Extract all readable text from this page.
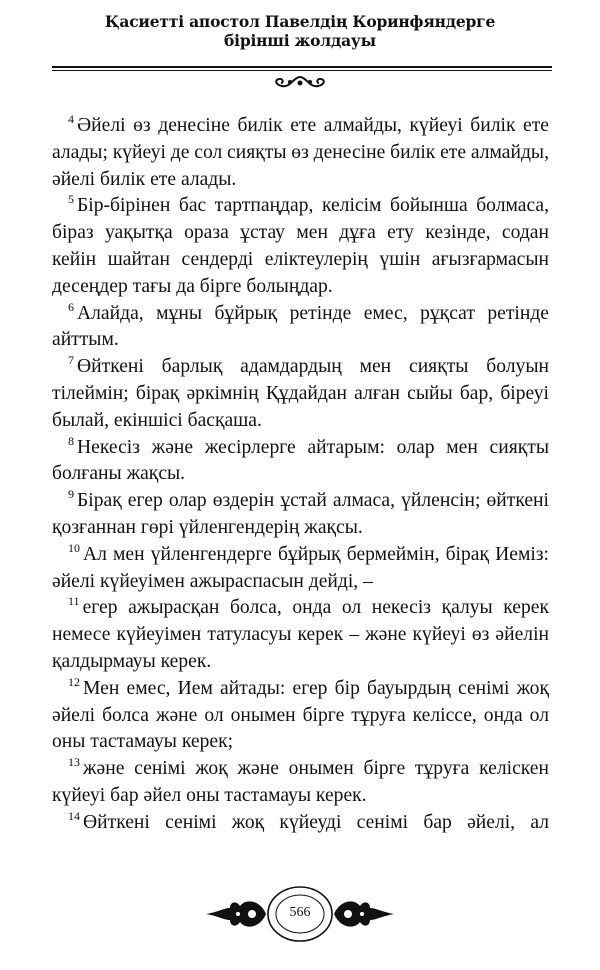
Қасиетті апостол Павелдің Коринфяндерге
бірінші жолдауы
$^4$ Әйелі өз денесіне билік ете алмайды, күйеуі билік ете
алады; күйеуі де сол сияқты өз денесіне билік ете алмайды,
әйелі билік ете алады.
$^5$ Бір-бірінен бас тартпаңдар, келісім бойынша болмаса,
біраз уақытқа ораза ұстау мен дұға ету кезінде, содан
кейін шайтан сендерді еліктеулерің үшін ағызғармасын
десеңдер тағы да бірге болыңдар.
$^6$ Алайда, мұны бұйрық ретінде емес, рұқсат ретінде
айттым.
$^7$ Өйткені барлық адамдардың мен сияқты болуын
тілеймін; бірақ әркімнің Құдайдан алған сыйы бар, біреуі
былай, екіншісі басқаша.
$^8$ Некесіз және жесірлерге айтарым: олар мен сияқты
болғаны жақсы.
$^9$ Бірақ егер олар өздерін ұстай алмаса, үйленсін; өйткені
қозғаннан гөрі үйленгендерің жақсы.
$^{10}$ Ал мен үйленгендерге бұйрық бермеймін, бірақ Иеміз:
әйелі күйеуімен ажыраспасын дейді, –
$^{11}$ егер ажырасқан болса, онда ол некесіз қалуы керек
немесе күйеуімен татуласуы керек – және күйеуі өз әйелін
қалдырмауы керек.
$^{12}$ Мен емес, Ием айтады: егер бір бауырдың сенімі жоқ
әйелі болса және ол онымен бірге тұруға келіссе, онда ол
оны тастамауы керек;
$^{13}$ және сенімі жоқ және онымен бірге тұруға келіскен
күйеуі бар әйел оны тастамауы керек.
$^{14}$ Өйткені сенімі жоқ күйеуді сенімі бар әйелі, ал
566
